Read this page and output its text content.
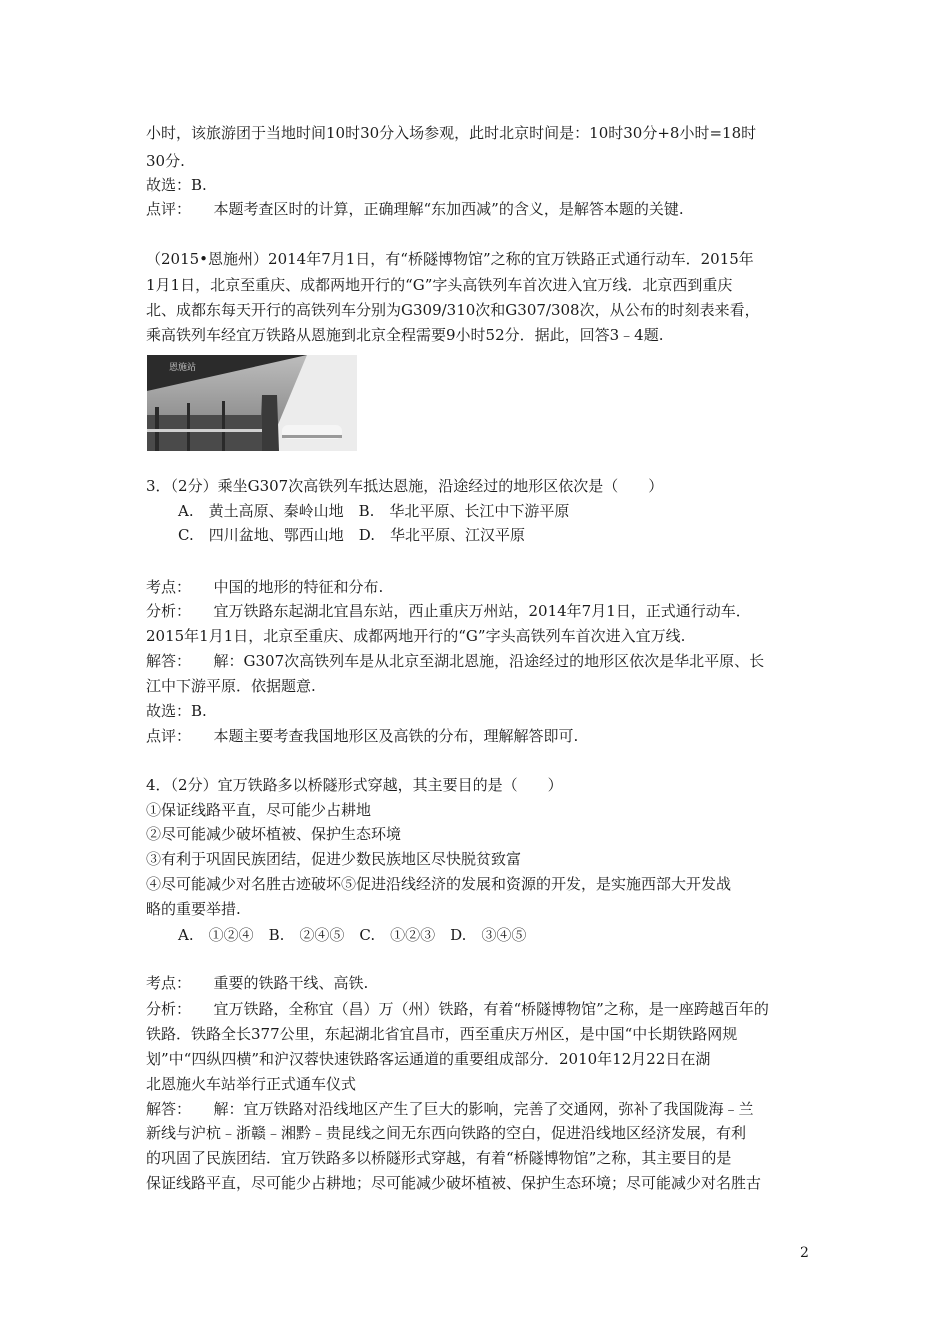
小时，该旅游团于当地时间10时30分入场参观，此时北京时间是：10时30分+8小时=18时
30分.
故选：B.
点评：　　本题考查区时的计算，正确理解“东加西减”的含义，是解答本题的关键.
（2015•恩施州）2014年7月1日，有“桥隧博物馆”之称的宜万铁路正式通行动车．2015年
1月1日，北京至重庆、成都两地开行的“G”字头高铁列车首次进入宜万线．北京西到重庆
北、成都东每天开行的高铁列车分别为G309/310次和G307/308次，从公布的时刻表来看，
乘高铁列车经宜万铁路从恩施到北京全程需要9小时52分．据此，回答3﹣4题.
恩施站
3．（2分）乘坐G307次高铁列车抵达恩施，沿途经过的地形区依次是（　　）
A.　黄土高原、秦岭山地　B.　华北平原、长江中下游平原
C.　四川盆地、鄂西山地　D.　华北平原、江汉平原
考点：　　中国的地形的特征和分布.
分析：　　宜万铁路东起湖北宜昌东站，西止重庆万州站，2014年7月1日，正式通行动车．
2015年1月1日，北京至重庆、成都两地开行的“G”字头高铁列车首次进入宜万线.
解答：　　解：G307次高铁列车是从北京至湖北恩施，沿途经过的地形区依次是华北平原、长
江中下游平原．依据题意.
故选：B.
点评：　　本题主要考查我国地形区及高铁的分布，理解解答即可.
4．（2分）宜万铁路多以桥隧形式穿越，其主要目的是（　　）
①保证线路平直，尽可能少占耕地
②尽可能减少破坏植被、保护生态环境
③有利于巩固民族团结，促进少数民族地区尽快脱贫致富
④尽可能减少对名胜古迹破坏⑤促进沿线经济的发展和资源的开发，是实施西部大开发战
略的重要举措.
A.　①②④　B.　②④⑤　C.　①②③　D.　③④⑤
考点：　　重要的铁路干线、高铁.
分析：　　宜万铁路，全称宜（昌）万（州）铁路，有着“桥隧博物馆”之称，是一座跨越百年的
铁路．铁路全长377公里，东起湖北省宜昌市，西至重庆万州区，是中国“中长期铁路网规
划”中“四纵四横”和沪汉蓉快速铁路客运通道的重要组成部分．2010年12月22日在湖
北恩施火车站举行正式通车仪式
解答：　　解：宜万铁路对沿线地区产生了巨大的影响，完善了交通网，弥补了我国陇海﹣兰
新线与沪杭﹣浙赣﹣湘黔﹣贵昆线之间无东西向铁路的空白，促进沿线地区经济发展，有利
的巩固了民族团结．宜万铁路多以桥隧形式穿越，有着“桥隧博物馆”之称，其主要目的是
保证线路平直，尽可能少占耕地；尽可能减少破坏植被、保护生态环境；尽可能减少对名胜古
2
